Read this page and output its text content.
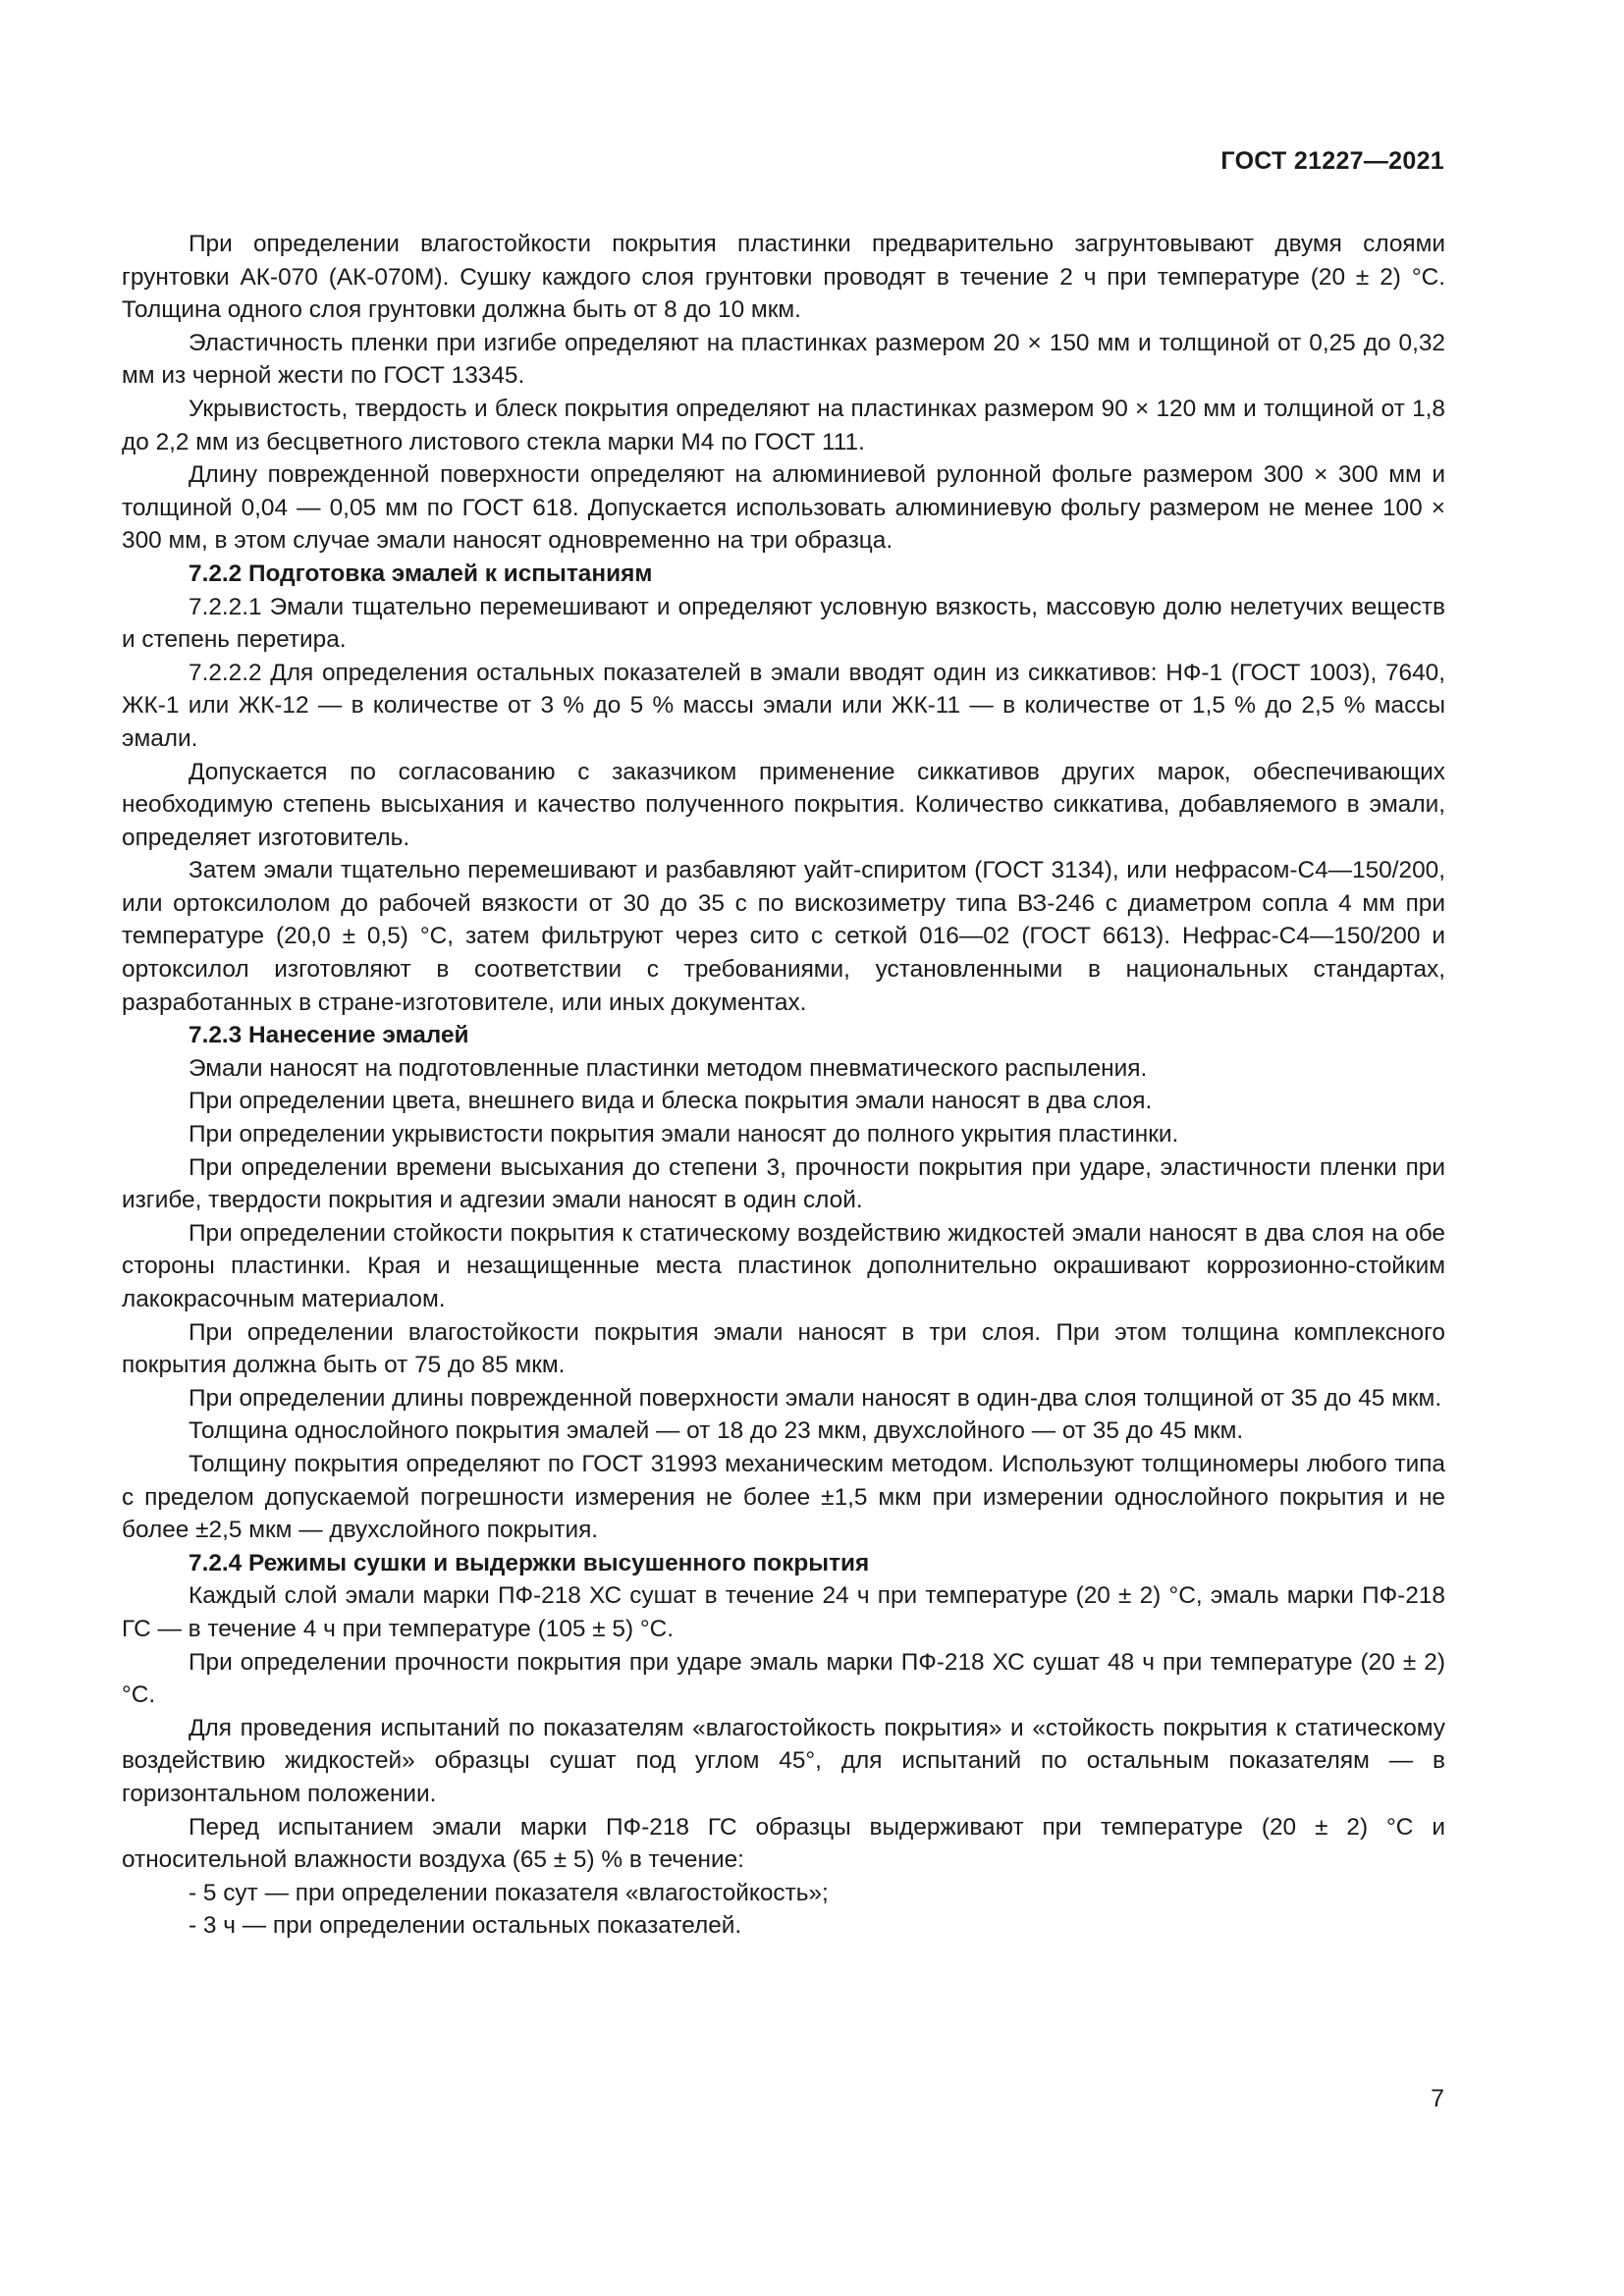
ГОСТ 21227—2021

При определении влагостойкости покрытия пластинки предварительно загрунтовывают двумя слоями грунтовки АК-070 (АК-070М). Сушку каждого слоя грунтовки проводят в течение 2 ч при температуре (20 ± 2) °С. Толщина одного слоя грунтовки должна быть от 8 до 10 мкм.

Эластичность пленки при изгибе определяют на пластинках размером 20 × 150 мм и толщиной от 0,25 до 0,32 мм из черной жести по ГОСТ 13345.

Укрывистость, твердость и блеск покрытия определяют на пластинках размером 90 × 120 мм и толщиной от 1,8 до 2,2 мм из бесцветного листового стекла марки М4 по ГОСТ 111.

Длину поврежденной поверхности определяют на алюминиевой рулонной фольге размером 300 × 300 мм и толщиной 0,04 — 0,05 мм по ГОСТ 618. Допускается использовать алюминиевую фольгу размером не менее 100 × 300 мм, в этом случае эмали наносят одновременно на три образца.

7.2.2 Подготовка эмалей к испытаниям

7.2.2.1 Эмали тщательно перемешивают и определяют условную вязкость, массовую долю нелетучих веществ и степень перетира.

7.2.2.2 Для определения остальных показателей в эмали вводят один из сиккативов: НФ-1 (ГОСТ 1003), 7640, ЖК-1 или ЖК-12 — в количестве от 3 % до 5 % массы эмали или ЖК-11 — в количестве от 1,5 % до 2,5 % массы эмали.

Допускается по согласованию с заказчиком применение сиккативов других марок, обеспечивающих необходимую степень высыхания и качество полученного покрытия. Количество сиккатива, добавляемого в эмали, определяет изготовитель.

Затем эмали тщательно перемешивают и разбавляют уайт-спиритом (ГОСТ 3134), или нефрасом-С4—150/200, или ортоксилолом до рабочей вязкости от 30 до 35 с по вискозиметру типа ВЗ-246 с диаметром сопла 4 мм при температуре (20,0 ± 0,5) °С, затем фильтруют через сито с сеткой 016—02 (ГОСТ 6613). Нефрас-С4—150/200 и ортоксилол изготовляют в соответствии с требованиями, установленными в национальных стандартах, разработанных в стране-изготовителе, или иных документах.

7.2.3 Нанесение эмалей

Эмали наносят на подготовленные пластинки методом пневматического распыления.

При определении цвета, внешнего вида и блеска покрытия эмали наносят в два слоя.

При определении укрывистости покрытия эмали наносят до полного укрытия пластинки.

При определении времени высыхания до степени 3, прочности покрытия при ударе, эластичности пленки при изгибе, твердости покрытия и адгезии эмали наносят в один слой.

При определении стойкости покрытия к статическому воздействию жидкостей эмали наносят в два слоя на обе стороны пластинки. Края и незащищенные места пластинок дополнительно окрашивают коррозионно-стойким лакокрасочным материалом.

При определении влагостойкости покрытия эмали наносят в три слоя. При этом толщина комплексного покрытия должна быть от 75 до 85 мкм.

При определении длины поврежденной поверхности эмали наносят в один-два слоя толщиной от 35 до 45 мкм.

Толщина однослойного покрытия эмалей — от 18 до 23 мкм, двухслойного — от 35 до 45 мкм.

Толщину покрытия определяют по ГОСТ 31993 механическим методом. Используют толщиномеры любого типа с пределом допускаемой погрешности измерения не более ±1,5 мкм при измерении однослойного покрытия и не более ±2,5 мкм — двухслойного покрытия.

7.2.4 Режимы сушки и выдержки высушенного покрытия

Каждый слой эмали марки ПФ-218 ХС сушат в течение 24 ч при температуре (20 ± 2) °С, эмаль марки ПФ-218 ГС — в течение 4 ч при температуре (105 ± 5) °С.

При определении прочности покрытия при ударе эмаль марки ПФ-218 ХС сушат 48 ч при температуре (20 ± 2) °С.

Для проведения испытаний по показателям «влагостойкость покрытия» и «стойкость покрытия к статическому воздействию жидкостей» образцы сушат под углом 45°, для испытаний по остальным показателям — в горизонтальном положении.

Перед испытанием эмали марки ПФ-218 ГС образцы выдерживают при температуре (20 ± 2) °С и относительной влажности воздуха (65 ± 5) % в течение:

- 5 сут — при определении показателя «влагостойкость»;

- 3 ч — при определении остальных показателей.

7
